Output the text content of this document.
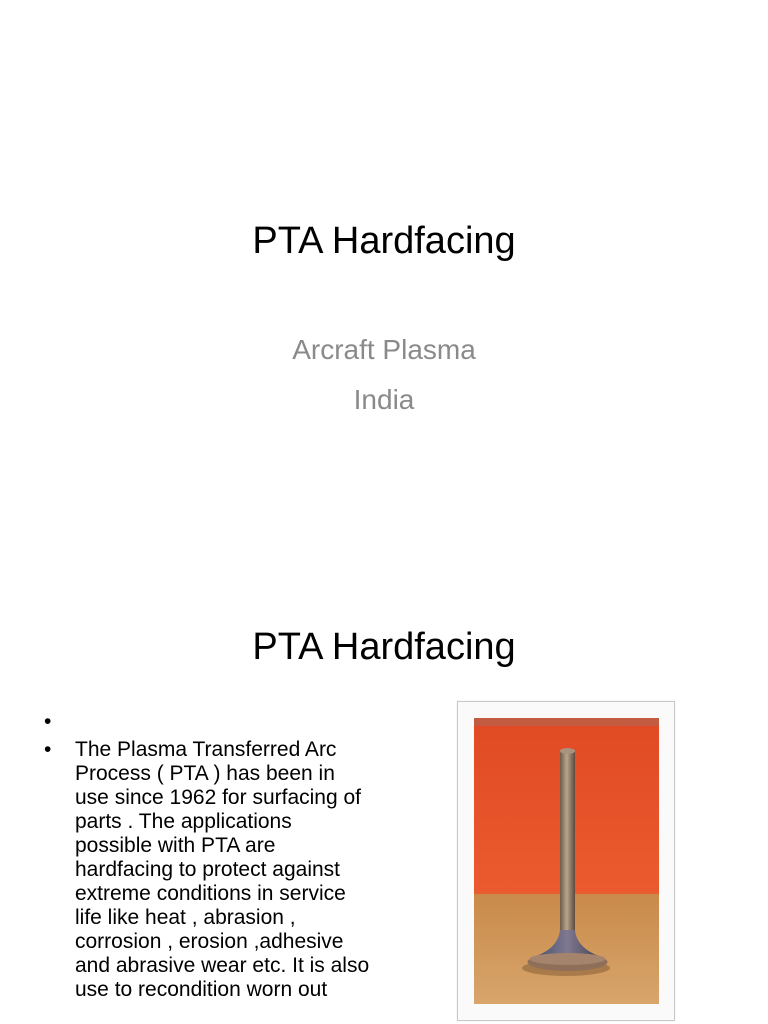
PTA Hardfacing

Arcraft Plasma

India

PTA Hardfacing
•

• The Plasma Transferred Arc Process ( PTA ) has been in use since 1962 for surfacing of parts . The applications possible with PTA are hardfacing to protect against extreme conditions in service life like heat , abrasion , corrosion , erosion ,adhesive and abrasive wear etc. It is also use to recondition worn out
